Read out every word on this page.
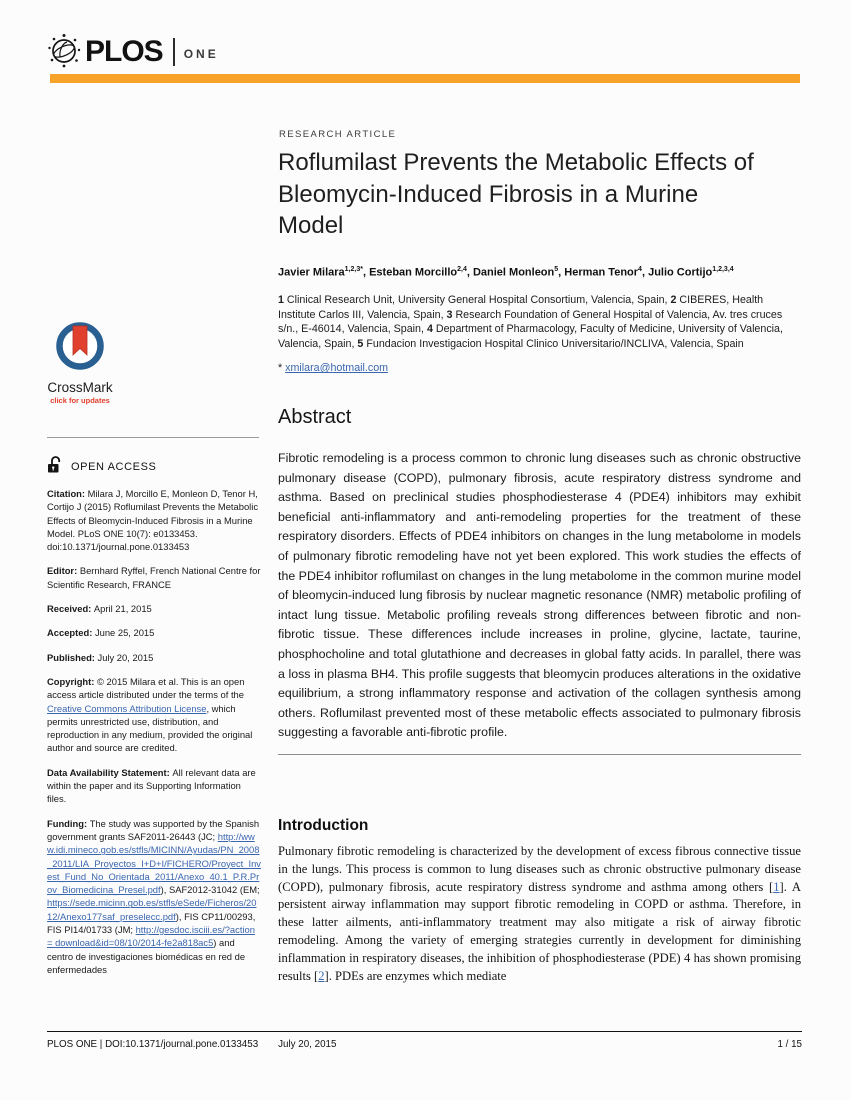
PLOS ONE
CrossMark
click for updates
OPEN ACCESS

Citation: Milara J, Morcillo E, Monleon D, Tenor H, Cortijo J (2015) Roflumilast Prevents the Metabolic Effects of Bleomycin-Induced Fibrosis in a Murine Model. PLoS ONE 10(7): e0133453. doi:10.1371/journal.pone.0133453

Editor: Bernhard Ryffel, French National Centre for Scientific Research, FRANCE

Received: April 21, 2015

Accepted: June 25, 2015

Published: July 20, 2015

Copyright: © 2015 Milara et al. This is an open access article distributed under the terms of the Creative Commons Attribution License, which permits unrestricted use, distribution, and reproduction in any medium, provided the original author and source are credited.

Data Availability Statement: All relevant data are within the paper and its Supporting Information files.

Funding: The study was supported by the Spanish government grants SAF2011-26443 (JC; http://www.idi.mineco.gob.es/stfls/MICINN/Ayudas/PN_2008_2011/LIA_Proyectos_I+D+I/FICHERO/Proyect_Invest_Fund_No_Orientada_2011/Anexo_40.1_P.R.Prov_Biomedicina_Presel.pdf), SAF2012-31042 (EM; https://sede.micinn.gob.es/stfls/eSede/Ficheros/2012/Anexo177saf_preselecc.pdf), FIS CP11/00293, FIS PI14/01733 (JM; http://gesdoc.isciii.es/?action = download&id=08/10/2014-fe2a818ac5) and centro de investigaciones biomédicas en red de enfermedades

RESEARCH ARTICLE
Roflumilast Prevents the Metabolic Effects of
Bleomycin-Induced Fibrosis in a Murine
Model
Javier Milara$^{1,2,3*}$, Esteban Morcillo$^{2,4}$, Daniel Monleon$^5$, Herman Tenor$^4$, Julio Cortijo$^{1,2,3,4}$
1 Clinical Research Unit, University General Hospital Consortium, Valencia, Spain, 2 CIBERES, Health Institute Carlos III, Valencia, Spain, 3 Research Foundation of General Hospital of Valencia, Av. tres cruces s/n., E-46014, Valencia, Spain, 4 Department of Pharmacology, Faculty of Medicine, University of Valencia, Valencia, Spain, 5 Fundacion Investigacion Hospital Clinico Universitario/INCLIVA, Valencia, Spain
* xmilara@hotmail.com
Abstract
Fibrotic remodeling is a process common to chronic lung diseases such as chronic obstructive pulmonary disease (COPD), pulmonary fibrosis, acute respiratory distress syndrome and asthma. Based on preclinical studies phosphodiesterase 4 (PDE4) inhibitors may exhibit beneficial anti-inflammatory and anti-remodeling properties for the treatment of these respiratory disorders. Effects of PDE4 inhibitors on changes in the lung metabolome in models of pulmonary fibrotic remodeling have not yet been explored. This work studies the effects of the PDE4 inhibitor roflumilast on changes in the lung metabolome in the common murine model of bleomycin-induced lung fibrosis by nuclear magnetic resonance (NMR) metabolic profiling of intact lung tissue. Metabolic profiling reveals strong differences between fibrotic and non-fibrotic tissue. These differences include increases in proline, glycine, lactate, taurine, phosphocholine and total glutathione and decreases in global fatty acids. In parallel, there was a loss in plasma BH4. This profile suggests that bleomycin produces alterations in the oxidative equilibrium, a strong inflammatory response and activation of the collagen synthesis among others. Roflumilast prevented most of these metabolic effects associated to pulmonary fibrosis suggesting a favorable anti-fibrotic profile.
Introduction
Pulmonary fibrotic remodeling is characterized by the development of excess fibrous connective tissue in the lungs. This process is common to lung diseases such as chronic obstructive pulmonary disease (COPD), pulmonary fibrosis, acute respiratory distress syndrome and asthma among others [1]. A persistent airway inflammation may support fibrotic remodeling in COPD or asthma. Therefore, in these latter ailments, anti-inflammatory treatment may also mitigate a risk of airway fibrotic remodeling. Among the variety of emerging strategies currently in development for diminishing inflammation in respiratory diseases, the inhibition of phosphodiesterase (PDE) 4 has shown promising results [2]. PDEs are enzymes which mediate
PLOS ONE | DOI:10.1371/journal.pone.0133453 July 20, 2015	1 / 15
